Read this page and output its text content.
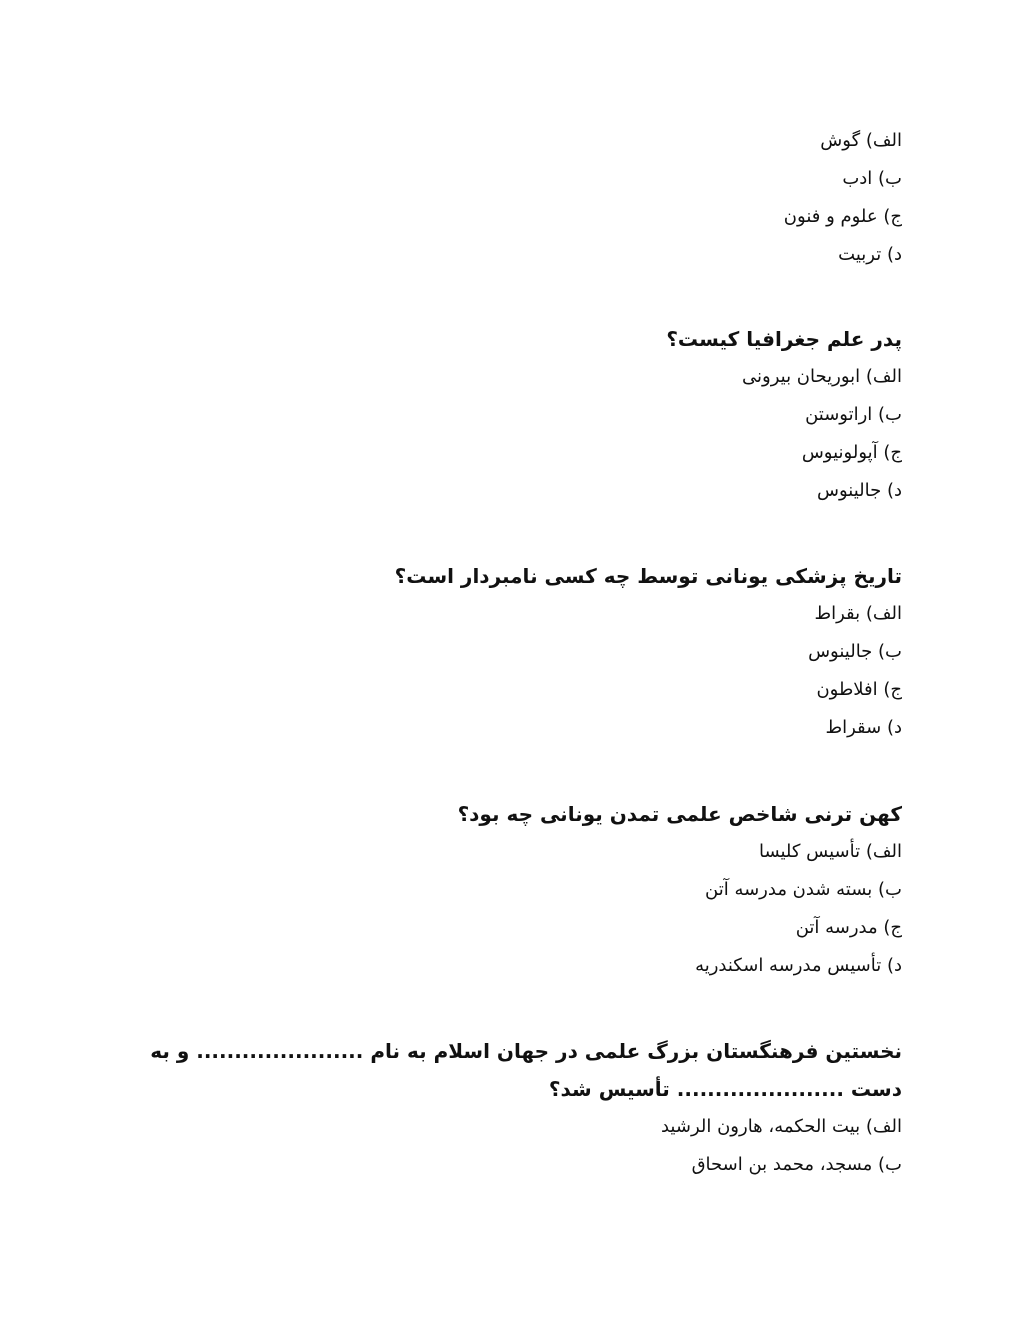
الف) گوش

ب) ادب

ج) علوم و فنون

د) تربیت

پدر علم جغرافیا کیست؟

الف) ابوریحان بیرونی

ب) اراتوستن

ج) آپولونیوس

د) جالینوس

تاریخ پزشکی یونانی توسط چه کسی نامبردار است؟

الف) بقراط

ب) جالینوس

ج) افلاطون

د) سقراط

کهن ترنی شاخص علمی تمدن یونانی چه بود؟

الف) تأسیس کلیسا

ب) بسته شدن مدرسه آتن

ج) مدرسه آتن

د) تأسیس مدرسه اسکندریه

نخستین فرهنگستان بزرگ علمی در جهان اسلام به نام ...................... و به دست ...................... تأسیس شد؟

الف) بیت الحکمه، هارون الرشید

ب) مسجد، محمد بن اسحاق
